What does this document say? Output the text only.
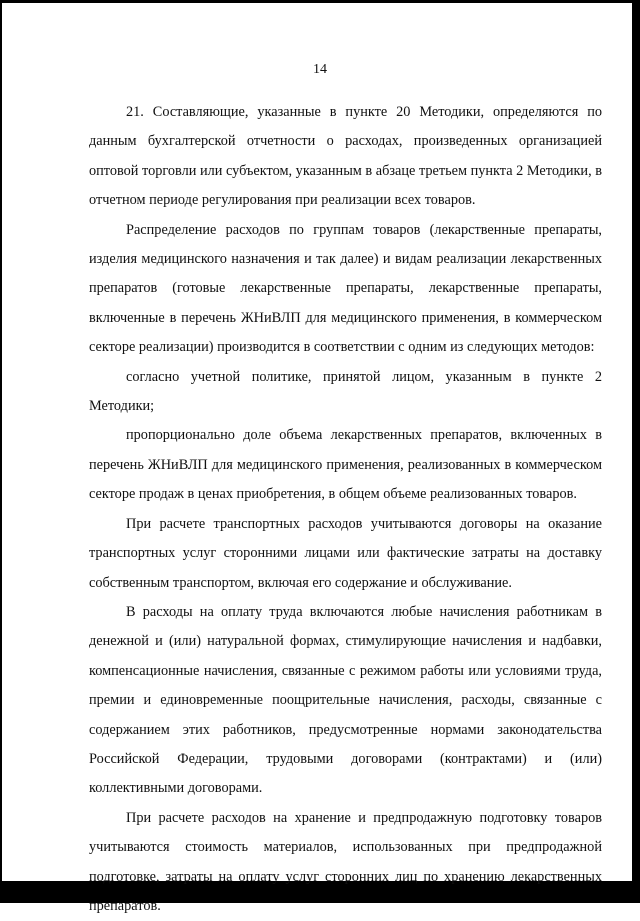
14

21. Составляющие, указанные в пункте 20 Методики, определяются по данным бухгалтерской отчетности о расходах, произведенных организацией оптовой торговли или субъектом, указанным в абзаце третьем пункта 2 Методики, в отчетном периоде регулирования при реализации всех товаров.

Распределение расходов по группам товаров (лекарственные препараты, изделия медицинского назначения и так далее) и видам реализации лекарственных препаратов (готовые лекарственные препараты, лекарственные препараты, включенные в перечень ЖНиВЛП для медицинского применения, в коммерческом секторе реализации) производится в соответствии с одним из следующих методов:

согласно учетной политике, принятой лицом, указанным в пункте 2 Методики;

пропорционально доле объема лекарственных препаратов, включенных в перечень ЖНиВЛП для медицинского применения, реализованных в коммерческом секторе продаж в ценах приобретения, в общем объеме реализованных товаров.

При расчете транспортных расходов учитываются договоры на оказание транспортных услуг сторонними лицами или фактические затраты на доставку собственным транспортом, включая его содержание и обслуживание.

В расходы на оплату труда включаются любые начисления работникам в денежной и (или) натуральной формах, стимулирующие начисления и надбавки, компенсационные начисления, связанные с режимом работы или условиями труда, премии и единовременные поощрительные начисления, расходы, связанные с содержанием этих работников, предусмотренные нормами законодательства Российской Федерации, трудовыми договорами (контрактами) и (или) коллективными договорами.

При расчете расходов на хранение и предпродажную подготовку товаров учитываются стоимость материалов, использованных при предпродажной подготовке, затраты на оплату услуг сторонних лиц по хранению лекарственных препаратов.
